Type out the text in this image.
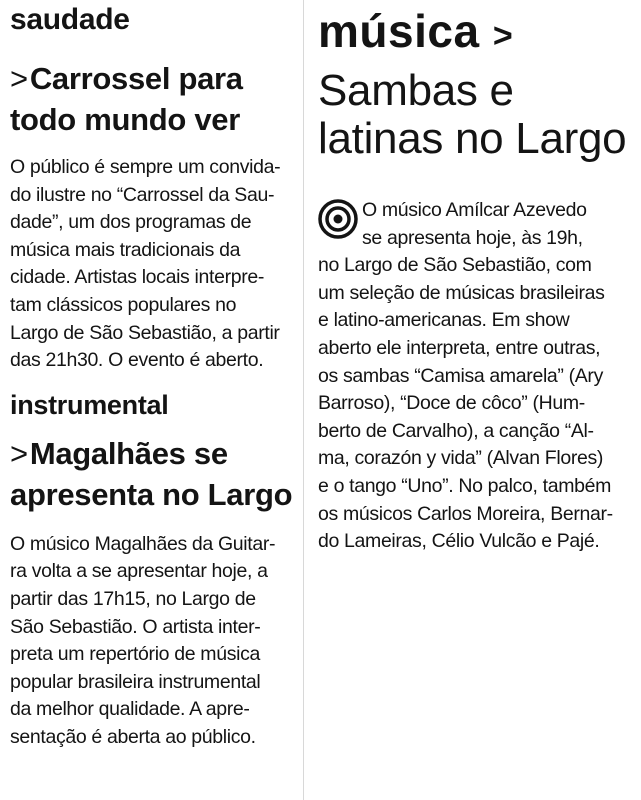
saudade
>Carrossel para
todo mundo ver

O público é sempre um convida-
do ilustre no “Carrossel da Sau-
dade”, um dos programas de
música mais tradicionais da
cidade. Artistas locais interpre-
tam clássicos populares no
Largo de São Sebastião, a partir
das 21h30. O evento é aberto.

instrumental
>Magalhães se
apresenta no Largo

O músico Magalhães da Guitar-
ra volta a se apresentar hoje, a
partir das 17h15, no Largo de
São Sebastião. O artista inter-
preta um repertório de música
popular brasileira instrumental
da melhor qualidade. A apre-
sentação é aberta ao público.

música >
Sambas e
latinas no Largo

O músico Amílcar Azevedo
se apresenta hoje, às 19h,
no Largo de São Sebastião, com
um seleção de músicas brasileiras
e latino-americanas. Em show
aberto ele interpreta, entre outras,
os sambas “Camisa amarela” (Ary
Barroso), “Doce de côco” (Hum-
berto de Carvalho), a canção “Al-
ma, corazón y vida” (Alvan Flores)
e o tango “Uno”. No palco, também
os músicos Carlos Moreira, Bernar-
do Lameiras, Célio Vulcão e Pajé.
